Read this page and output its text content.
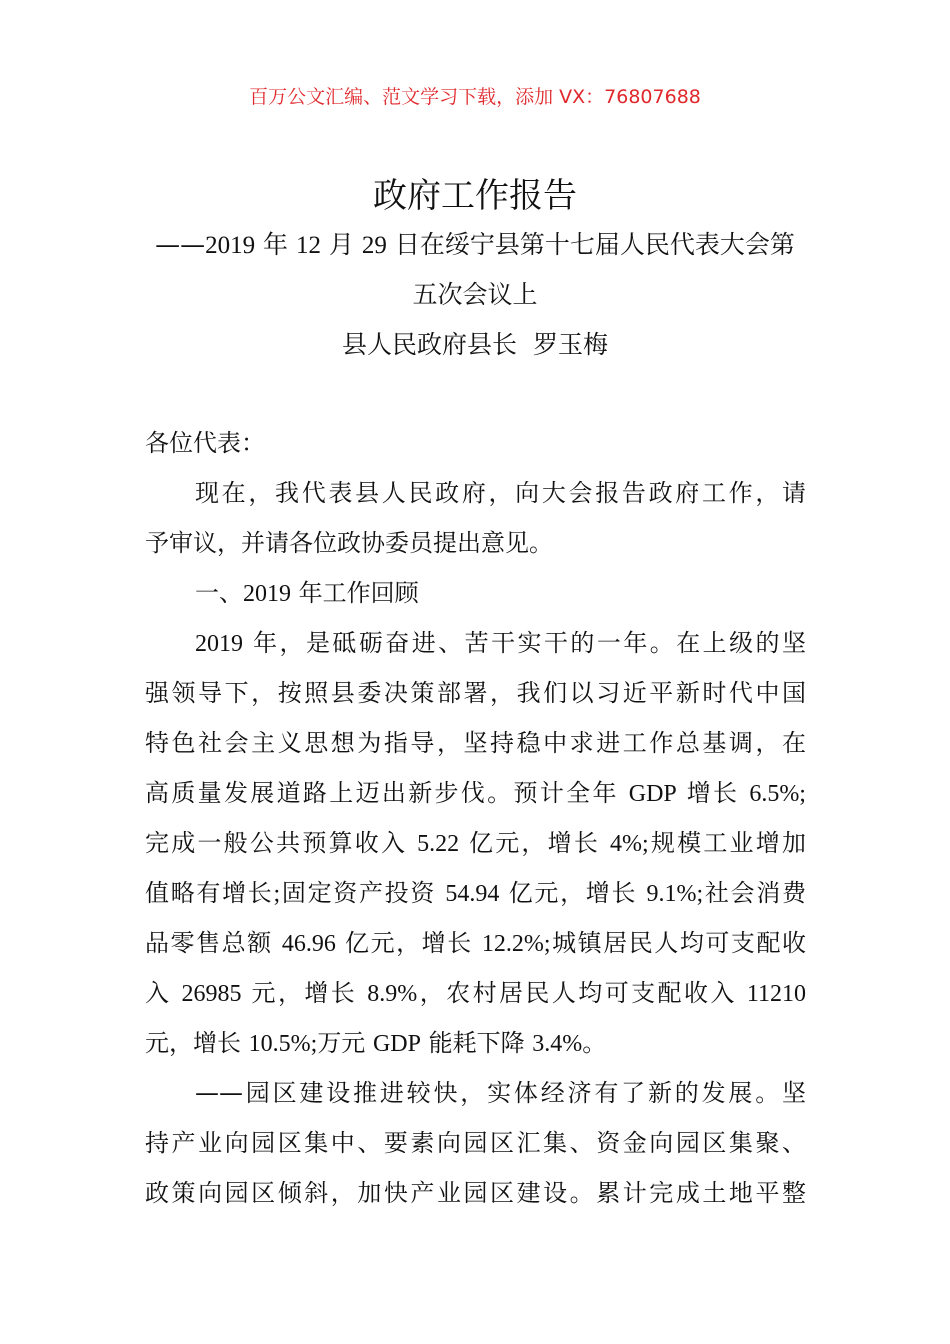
百万公文汇编、范文学习下载，添加 VX：76807688
政府工作报告
——2019 年 12 月 29 日在绥宁县第十七届人民代表大会第
五次会议上
县人民政府县长  罗玉梅
各位代表：
现在，我代表县人民政府，向大会报告政府工作，请
予审议，并请各位政协委员提出意见。
一、2019 年工作回顾
2019 年，是砥砺奋进、苦干实干的一年。在上级的坚
强领导下，按照县委决策部署，我们以习近平新时代中国
特色社会主义思想为指导，坚持稳中求进工作总基调，在
高质量发展道路上迈出新步伐。预计全年 GDP 增长 6.5%;
完成一般公共预算收入 5.22 亿元，增长 4%;规模工业增加
值略有增长;固定资产投资 54.94 亿元，增长 9.1%;社会消费
品零售总额 46.96 亿元，增长 12.2%;城镇居民人均可支配收
入 26985 元，增长 8.9%，农村居民人均可支配收入 11210
元，增长 10.5%;万元 GDP 能耗下降 3.4%。
——园区建设推进较快，实体经济有了新的发展。坚
持产业向园区集中、要素向园区汇集、资金向园区集聚、
政策向园区倾斜，加快产业园区建设。累计完成土地平整
